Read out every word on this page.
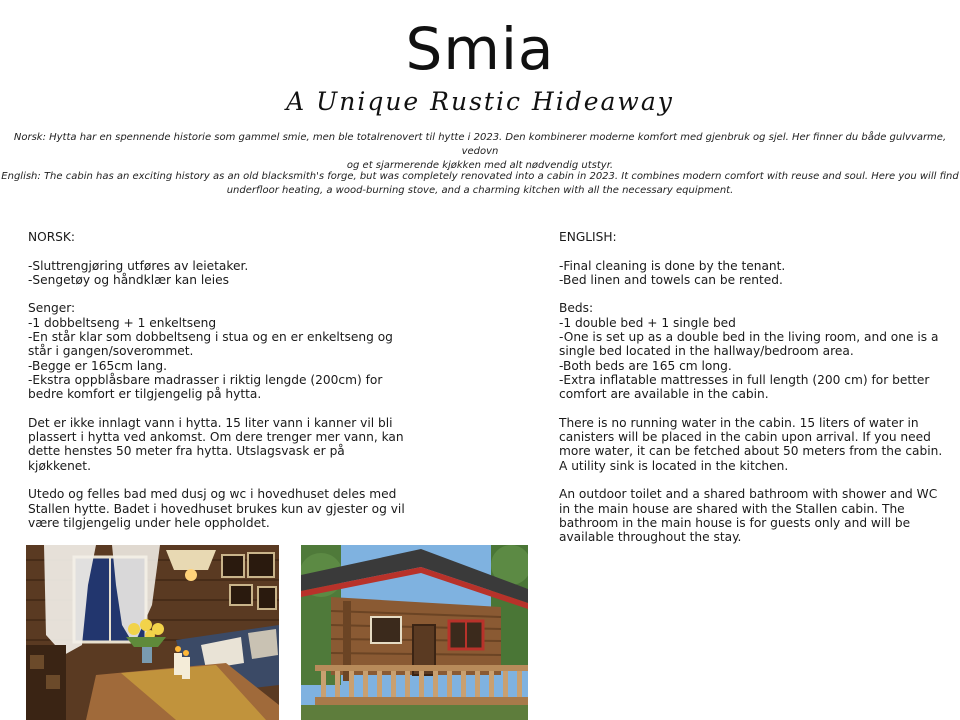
Smia
A Unique Rustic Hideaway
Norsk: Hytta har en spennende historie som gammel smie, men ble totalrenovert til hytte i 2023. Den kombinerer moderne komfort med gjenbruk og sjel. Her finner du både gulvvarme, vedovn
og et sjarmerende kjøkken med alt nødvendig utstyr.
English: The cabin has an exciting history as an old blacksmith's forge, but was completely renovated into a cabin in 2023. It combines modern comfort with reuse and soul. Here you will find
underfloor heating, a wood-burning stove, and a charming kitchen with all the necessary equipment.

NORSK:

-Sluttrengjøring utføres av leietaker.
-Sengetøy og håndklær kan leies

Senger:
-1 dobbeltseng + 1 enkeltseng
-En står klar som dobbeltseng i stua og en er enkeltseng og
står i gangen/soverommet.
-Begge er 165cm lang.
-Ekstra oppblåsbare madrasser i riktig lengde (200cm) for
bedre komfort er tilgjengelig på hytta.

Det er ikke innlagt vann i hytta. 15 liter vann i kanner vil bli
plassert i hytta ved ankomst. Om dere trenger mer vann, kan
dette henstes 50 meter fra hytta. Utslagsvask er på
kjøkkenet.

Utedo og felles bad med dusj og wc i hovedhuset deles med
Stallen hytte. Badet i hovedhuset brukes kun av gjester og vil
være tilgjengelig under hele oppholdet.

ENGLISH:

-Final cleaning is done by the tenant.
-Bed linen and towels can be rented.

Beds:
-1 double bed + 1 single bed
-One is set up as a double bed in the living room, and one is a
single bed located in the hallway/bedroom area.
-Both beds are 165 cm long.
-Extra inflatable mattresses in full length (200 cm) for better
comfort are available in the cabin.

There is no running water in the cabin. 15 liters of water in
canisters will be placed in the cabin upon arrival. If you need
more water, it can be fetched about 50 meters from the cabin.
A utility sink is located in the kitchen.

An outdoor toilet and a shared bathroom with shower and WC
in the main house are shared with the Stallen cabin. The
bathroom in the main house is for guests only and will be
available throughout the stay.
